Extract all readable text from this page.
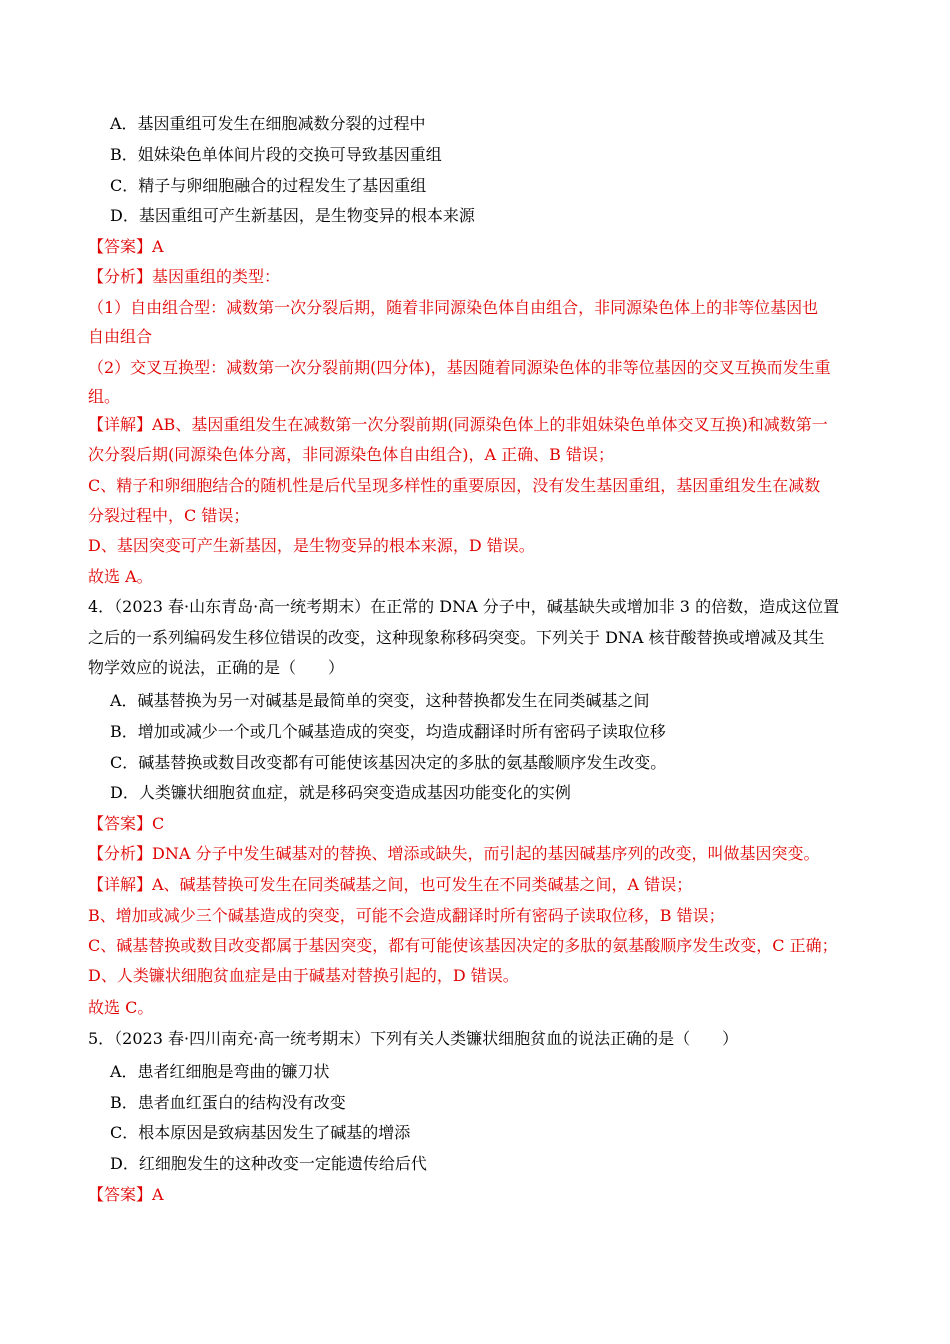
A．基因重组可发生在细胞减数分裂的过程中
B．姐妹染色单体间片段的交换可导致基因重组
C．精子与卵细胞融合的过程发生了基因重组
D．基因重组可产生新基因，是生物变异的根本来源
【答案】A
【分析】基因重组的类型：
（1）自由组合型：减数第一次分裂后期，随着非同源染色体自由组合，非同源染色体上的非等位基因也
自由组合
（2）交叉互换型：减数第一次分裂前期(四分体)，基因随着同源染色体的非等位基因的交叉互换而发生重
组。
【详解】AB、基因重组发生在减数第一次分裂前期(同源染色体上的非姐妹染色单体交叉互换)和减数第一
次分裂后期(同源染色体分离，非同源染色体自由组合)，A 正确、B 错误；
C、精子和卵细胞结合的随机性是后代呈现多样性的重要原因，没有发生基因重组，基因重组发生在减数
分裂过程中，C 错误；
D、基因突变可产生新基因，是生物变异的根本来源，D 错误。
故选 A。
4．（2023 春·山东青岛·高一统考期末）在正常的 DNA 分子中，碱基缺失或增加非 3 的倍数，造成这位置
之后的一系列编码发生移位错误的改变，这种现象称移码突变。下列关于 DNA 核苷酸替换或增减及其生
物学效应的说法，正确的是（　　）
A．碱基替换为另一对碱基是最简单的突变，这种替换都发生在同类碱基之间
B．增加或减少一个或几个碱基造成的突变，均造成翻译时所有密码子读取位移
C．碱基替换或数目改变都有可能使该基因决定的多肽的氨基酸顺序发生改变。
D．人类镰状细胞贫血症，就是移码突变造成基因功能变化的实例
【答案】C
【分析】DNA 分子中发生碱基对的替换、增添或缺失，而引起的基因碱基序列的改变，叫做基因突变。
【详解】A、碱基替换可发生在同类碱基之间，也可发生在不同类碱基之间，A 错误；
B、增加或减少三个碱基造成的突变，可能不会造成翻译时所有密码子读取位移，B 错误；
C、碱基替换或数目改变都属于基因突变，都有可能使该基因决定的多肽的氨基酸顺序发生改变，C 正确；
D、人类镰状细胞贫血症是由于碱基对替换引起的，D 错误。
故选 C。
5．（2023 春·四川南充·高一统考期末）下列有关人类镰状细胞贫血的说法正确的是（　　）
A．患者红细胞是弯曲的镰刀状
B．患者血红蛋白的结构没有改变
C．根本原因是致病基因发生了碱基的增添
D．红细胞发生的这种改变一定能遗传给后代
【答案】A
